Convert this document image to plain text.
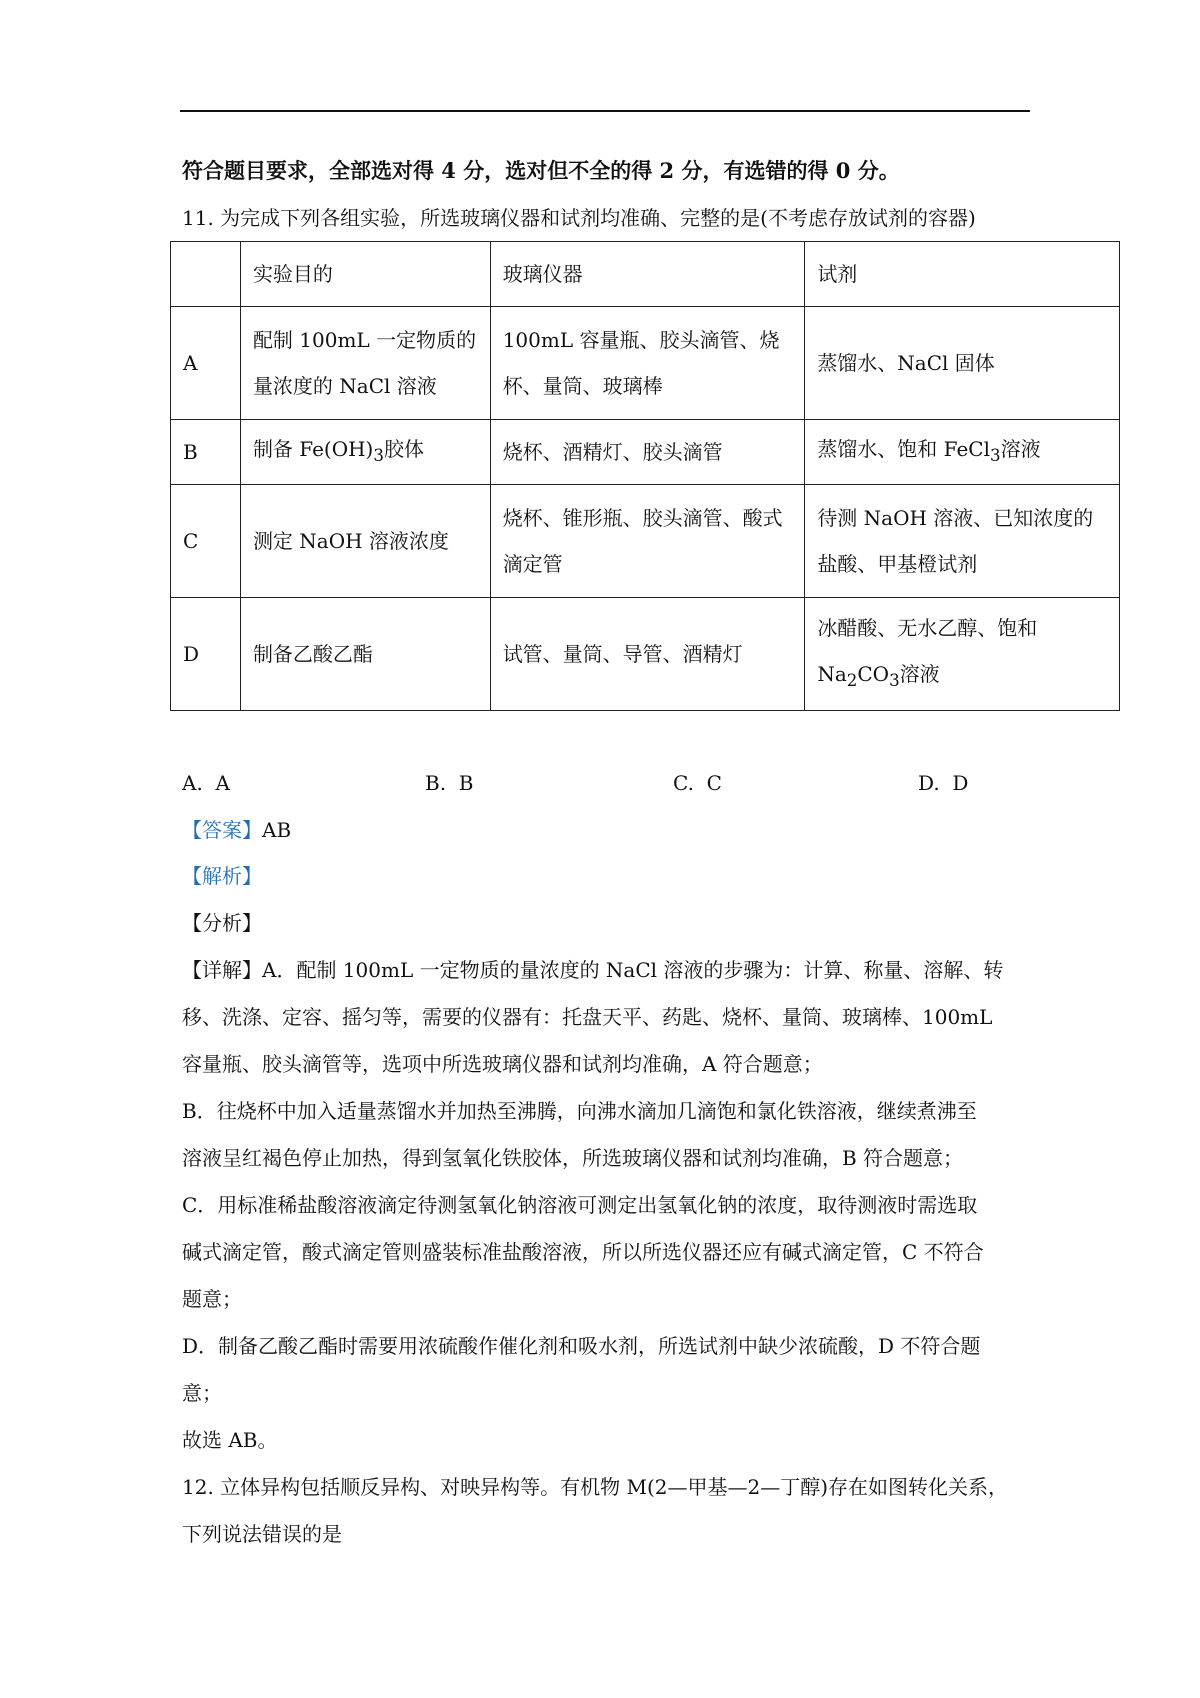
符合题目要求，全部选对得 4 分，选对但不全的得 2 分，有选错的得 0 分。
11. 为完成下列各组实验，所选玻璃仪器和试剂均准确、完整的是(不考虑存放试剂的容器)
	实验目的	玻璃仪器	试剂
A	配制 100mL 一定物质的量浓度的 NaCl 溶液	100mL 容量瓶、胶头滴管、烧杯、量筒、玻璃棒	蒸馏水、NaCl 固体
B	制备 $Fe(OH)_3$胶体	烧杯、酒精灯、胶头滴管	蒸馏水、饱和 FeCl$_3$溶液
C	测定 NaOH 溶液浓度	烧杯、锥形瓶、胶头滴管、酸式滴定管	待测 NaOH 溶液、已知浓度的盐酸、甲基橙试剂
D	制备乙酸乙酯	试管、量筒、导管、酒精灯	冰醋酸、无水乙醇、饱和 $Na_2CO_3$溶液
A. A	B. B	C. C	D. D
【答案】AB
【解析】
【分析】
【详解】A．配制 100mL 一定物质的量浓度的 NaCl 溶液的步骤为：计算、称量、溶解、转
移、洗涤、定容、摇匀等，需要的仪器有：托盘天平、药匙、烧杯、量筒、玻璃棒、100mL
容量瓶、胶头滴管等，选项中所选玻璃仪器和试剂均准确，A 符合题意；
B．往烧杯中加入适量蒸馏水并加热至沸腾，向沸水滴加几滴饱和氯化铁溶液，继续煮沸至
溶液呈红褐色停止加热，得到氢氧化铁胶体，所选玻璃仪器和试剂均准确，B 符合题意；
C．用标准稀盐酸溶液滴定待测氢氧化钠溶液可测定出氢氧化钠的浓度，取待测液时需选取
碱式滴定管，酸式滴定管则盛装标准盐酸溶液，所以所选仪器还应有碱式滴定管，C 不符合
题意；
D．制备乙酸乙酯时需要用浓硫酸作催化剂和吸水剂，所选试剂中缺少浓硫酸，D 不符合题
意；
故选 AB。
12. 立体异构包括顺反异构、对映异构等。有机物 M(2—甲基—2—丁醇)存在如图转化关系，
下列说法错误的是
